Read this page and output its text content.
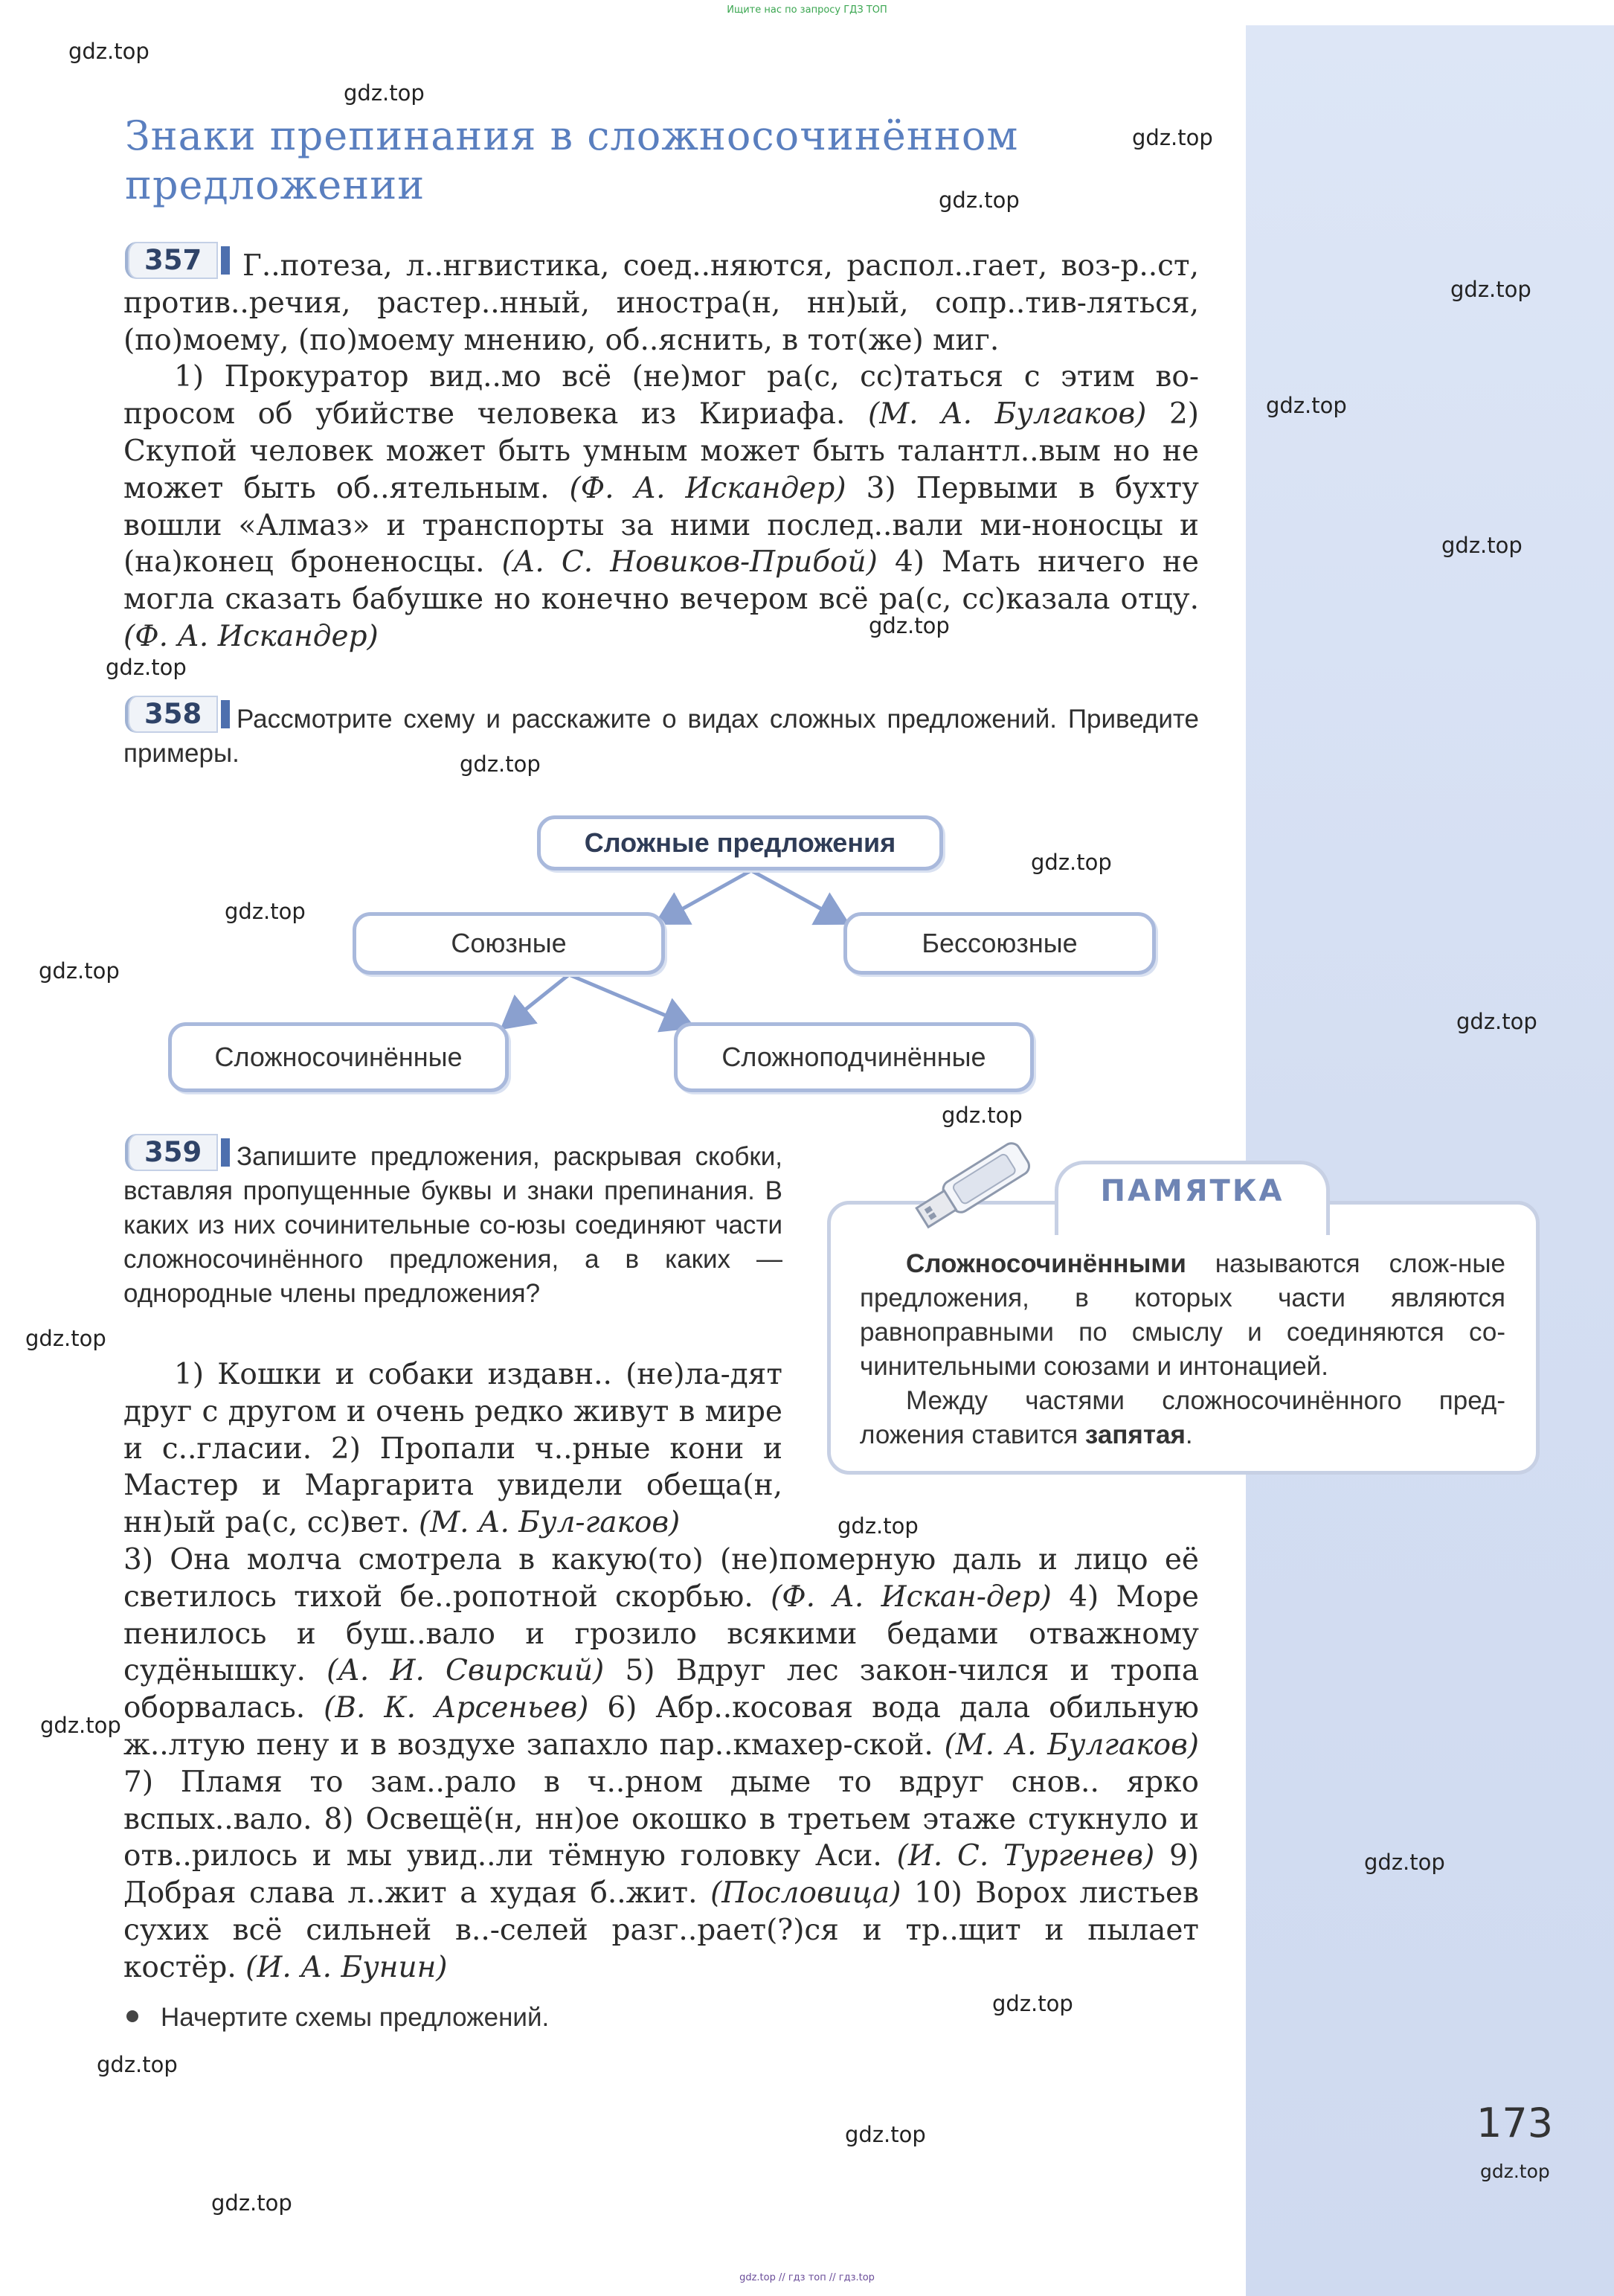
Ищите нас по запросу ГДЗ ТОП
gdz.top
gdz.top
gdz.top
gdz.top
gdz.top
gdz.top
gdz.top
gdz.top
gdz.top
gdz.top
gdz.top
gdz.top
gdz.top
gdz.top
gdz.top
gdz.top
gdz.top
gdz.top
gdz.top
gdz.top
gdz.top
gdz.top
gdz.top
gdz.top
Знаки препинания в сложносочинённом
предложении
357	Г..потеза, л..нгвистика, соед..няются, распол..гает, воз-р..ст, против..речия, растер..нный, иностра(н, нн)ый, сопр..тив-ляться, (по)моему, (по)моему мнению, об..яснить, в тот(же) миг.

1) Прокуратор вид..мо всё (не)мог ра(с, сс)таться с этим во-просом об убийстве человека из Кириафа. (М. А. Булгаков) 2) Скупой человек может быть умным может быть талантл..вым но не может быть об..ятельным. (Ф. А. Искандер) 3) Первыми в бухту вошли «Алмаз» и транспорты за ними послед..вали ми-ноносцы и (на)конец броненосцы. (А. С. Новиков-Прибой) 4) Мать ничего не могла сказать бабушке но конечно вечером всё ра(с, сс)казала отцу. (Ф. А. Искандер)

358	Рассмотрите схему и расскажите о видах сложных предложений. Приведите примеры.
Сложные предложения
Союзные	Бессоюзные
Сложносочинённые	Сложноподчинённые
359	Запишите предложения, раскрывая скобки, вставляя пропущенные буквы и знаки препинания. В каких из них сочинительные со-юзы соединяют части сложносочинённого предложения, а в каких — однородные члены предложения?

1) Кошки и собаки издавн.. (не)ла-дят друг с другом и очень редко живут в мире и с..гласии. 2) Пропали ч..рные кони и Мастер и Маргарита увидели обеща(н, нн)ый ра(с, сс)вет. (М. А. Бул-гаков)

3) Она молча смотрела в какую(то) (не)померную даль и лицо её светилось тихой бе..ропотной скорбью. (Ф. А. Искан-дер) 4) Море пенилось и буш..вало и грозило всякими бедами отважному судёнышку. (А. И. Свирский) 5) Вдруг лес закон-чился и тропа оборвалась. (В. К. Арсеньев) 6) Абр..косовая вода дала обильную ж..лтую пену и в воздухе запахло пар..кмахер-ской. (М. А. Булгаков) 7) Пламя то зам..рало в ч..рном дыме то вдруг снов.. ярко вспых..вало. 8) Освещё(н, нн)ое окошко в третьем этаже стукнуло и отв..рилось и мы увид..ли тёмную головку Аси. (И. С. Тургенев) 9) Добрая слава л..жит а худая б..жит. (Пословица) 10) Ворох листьев сухих всё сильней в..-селей разг..рает(?)ся и тр..щит и пылает костёр. (И. А. Бунин)

Начертите схемы предложений.
ПАМЯТКА

Сложносочинёнными называются слож-ные предложения, в которых части являются равноправными по смыслу и соединяются со-чинительными союзами и интонацией.

Между частями сложносочинённого пред-ложения ставится запятая.

173
gdz.top // гдз топ // гдз.top
